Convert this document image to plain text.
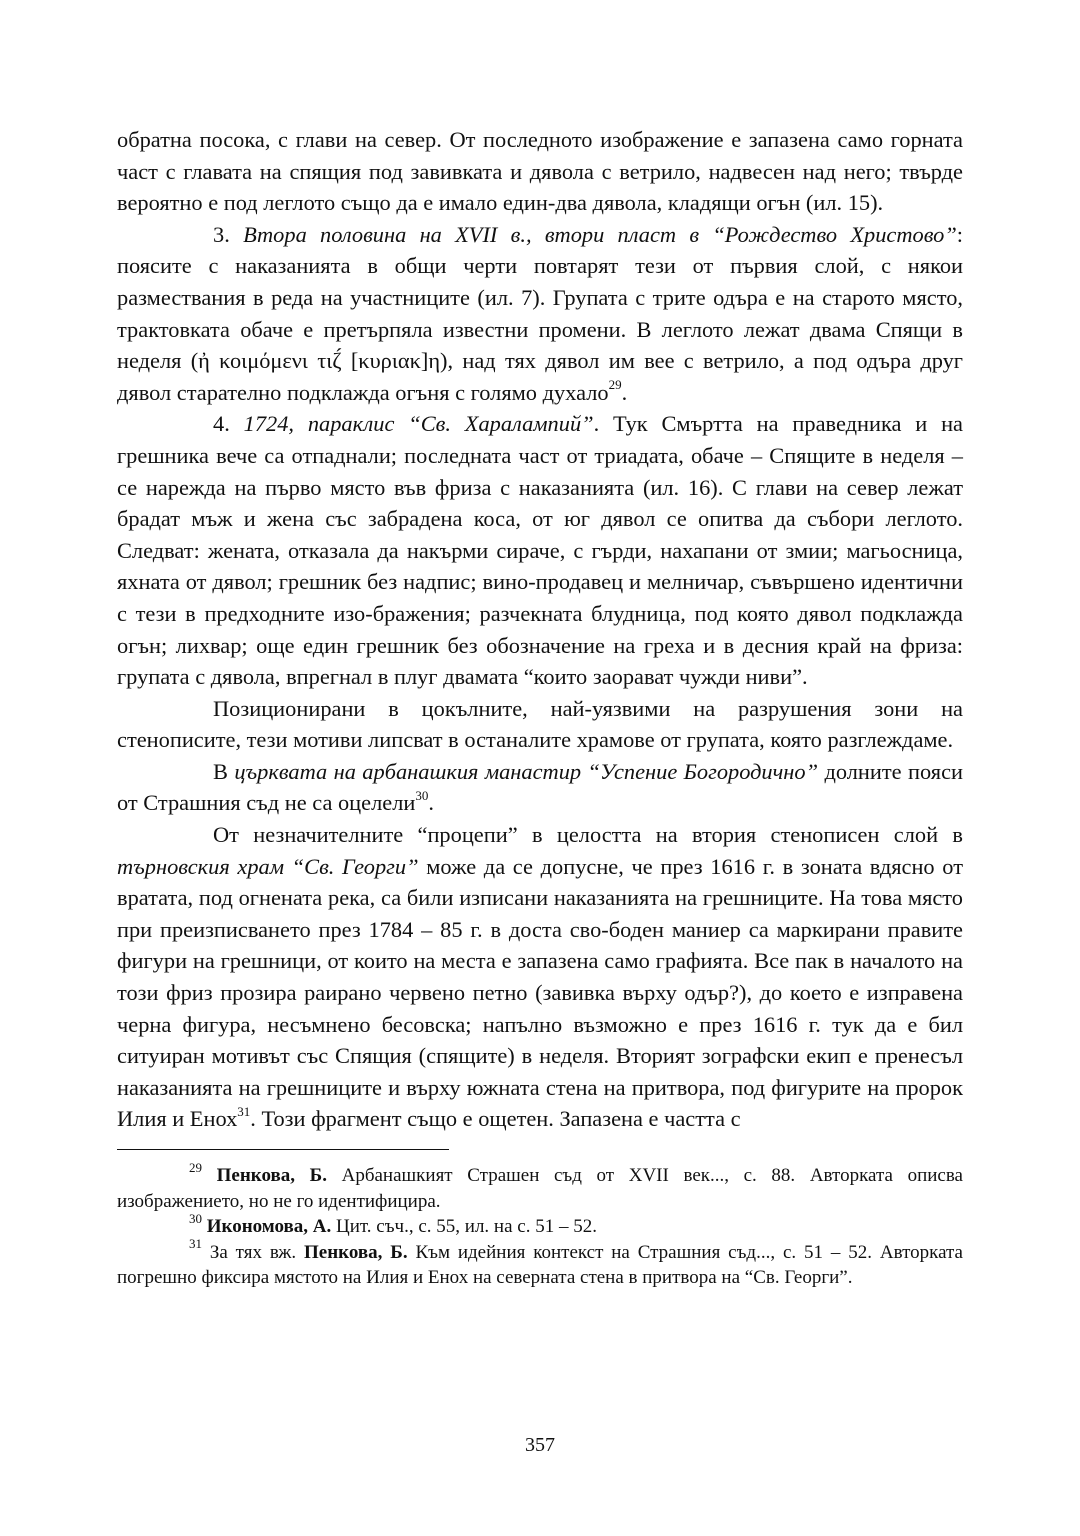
обратна посока, с глави на север. От последното изображение е запазена само горната част с главата на спящия под завивката и дявола с ветрило, надвесен над него; твърде вероятно е под леглото също да е имало един-два дявола, кладящи огън (ил. 15).

3. Втора половина на XVII в., втори пласт в “Рождество Христово”: поясите с наказанията в общи черти повтарят тези от първия слой, с някои размествания в реда на участниците (ил. 7). Групата с трите одъра е на старото място, трактовката обаче е претърпяла известни промени. В леглото лежат двама Спящи в неделя (ἠ κοιμόμενι τιζ́ [κυριακ]η), над тях дявол им вее с ветрило, а под одъра друг дявол старателно подклажда огъня с голямо духало$^{29}$.

4. 1724, параклис “Св. Харалампий”. Тук Смъртта на праведника и на грешника вече са отпаднали; последната част от триадата, обаче – Спящите в неделя – се нарежда на първо място във фриза с наказанията (ил. 16). С глави на север лежат брадат мъж и жена със забрадена коса, от юг дявол се опитва да събори леглото. Следват: жената, отказала да накърми сираче, с гърди, нахапани от змии; магьосница, яхната от дявол; грешник без надпис; вино-продавец и мелничар, съвършено идентични с тези в предходните изо-бражения; разчекната блудница, под която дявол подклажда огън; лихвар; още един грешник без обозначение на греха и в десния край на фриза: групата с дявола, впрегнал в плуг двамата “които заорават чужди ниви”.

Позиционирани в цокълните, най-уязвими на разрушения зони на стенописите, тези мотиви липсват в останалите храмове от групата, която разглеждаме.

В църквата на арбанашкия манастир “Успение Богородично” долните пояси от Страшния съд не са оцелели$^{30}$.

От незначителните “процепи” в целостта на втория стенописен слой в търновския храм “Св. Георги” може да се допусне, че през 1616 г. в зоната вдясно от вратата, под огнената река, са били изписани наказанията на грешниците. На това място при преизписването през 1784 – 85 г. в доста сво-боден маниер са маркирани правите фигури на грешници, от които на места е запазена само графията. Все пак в началото на този фриз прозира раирано червено петно (завивка върху одър?), до което е изправена черна фигура, несъмнено бесовска; напълно възможно е през 1616 г. тук да е бил ситуиран мотивът със Спящия (спящите) в неделя. Вторият зографски екип е пренесъл наказанията на грешниците и върху южната стена на притвора, под фигурите на пророк Илия и Енох$^{31}$. Този фрагмент също е ощетен. Запазена е частта с

$^{29}$ Пенкова, Б. Арбанашкият Страшен съд от XVII век..., с. 88. Авторката описва изображението, но не го идентифицира.

$^{30}$ Икономова, А. Цит. съч., с. 55, ил. на с. 51 – 52.

$^{31}$ За тях вж. Пенкова, Б. Към идейния контекст на Страшния съд..., с. 51 – 52. Авторката погрешно фиксира мястото на Илия и Енох на северната стена в притвора на “Св. Георги”.

357
